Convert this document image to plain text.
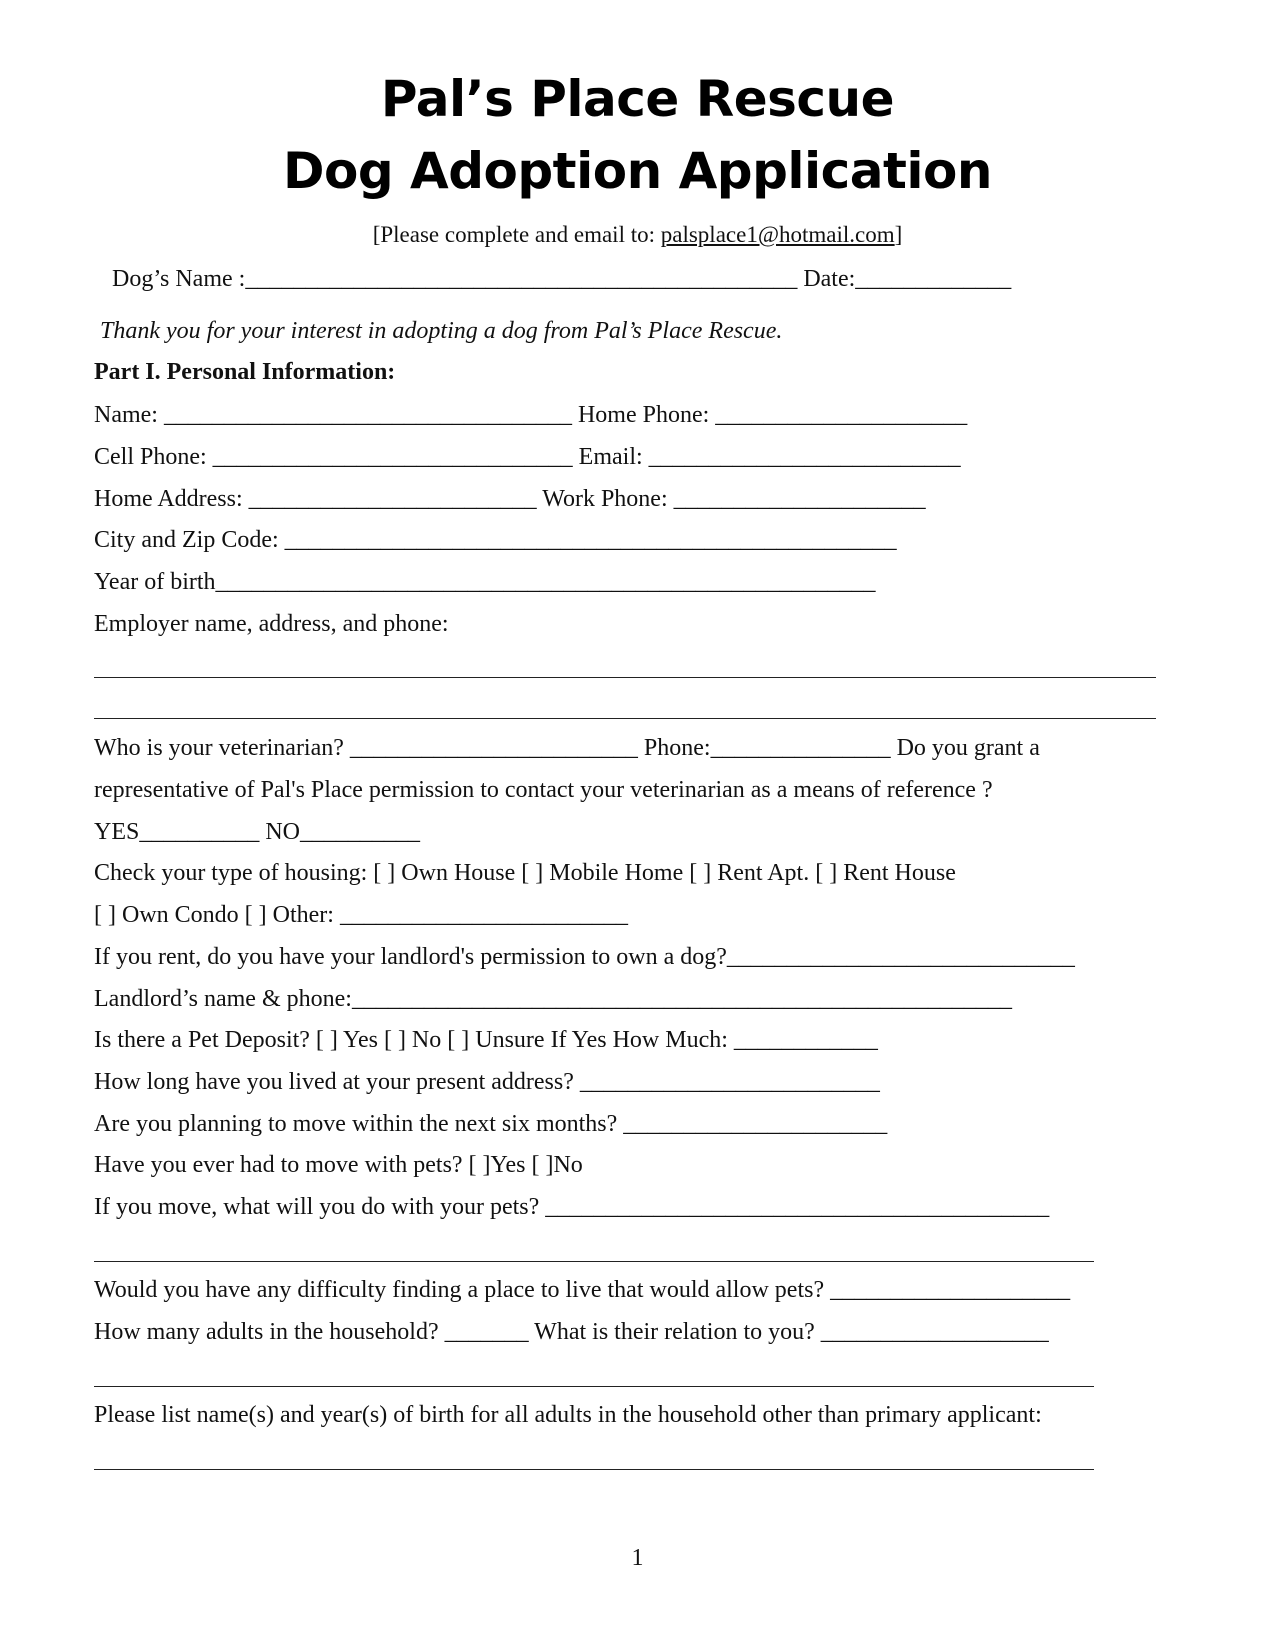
Pal’s Place Rescue
Dog Adoption Application
[Please complete and email to: palsplace1@hotmail.com]
Dog’s Name :______________________________________________ Date:_____________
Thank you for your interest in adopting a dog from Pal’s Place Rescue.
Part I. Personal Information:
Name: __________________________________ Home Phone: _____________________
Cell Phone: ______________________________ Email: __________________________
Home Address: ________________________ Work Phone: _____________________
City and Zip Code: ___________________________________________________
Year of birth_______________________________________________________
Employer name, address, and phone:
Who is your veterinarian? ________________________ Phone:_______________ Do you grant a
representative of Pal's Place permission to contact your veterinarian as a means of reference ?
YES__________ NO__________
Check your type of housing: [ ] Own House [ ] Mobile Home [ ] Rent Apt. [ ] Rent House
[ ] Own Condo [ ] Other: ________________________
If you rent, do you have your landlord's permission to own a dog?_____________________________
Landlord’s name & phone:_______________________________________________________
Is there a Pet Deposit? [ ] Yes [ ] No [ ] Unsure If Yes How Much: ____________
How long have you lived at your present address? _________________________
Are you planning to move within the next six months? ______________________
Have you ever had to move with pets? [ ]Yes [ ]No
If you move, what will you do with your pets? __________________________________________
Would you have any difficulty finding a place to live that would allow pets? ____________________
How many adults in the household? _______ What is their relation to you? ___________________
Please list name(s) and year(s) of birth for all adults in the household other than primary applicant:
1
